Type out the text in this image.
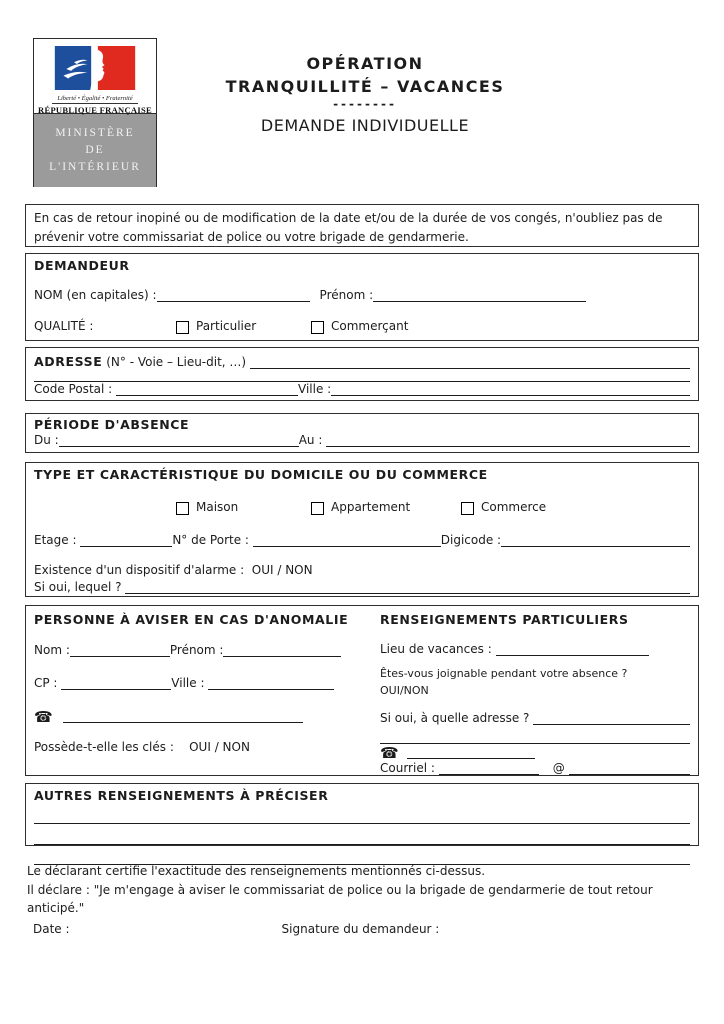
Liberté • Égalité • Fraternité
RÉPUBLIQUE FRANÇAISE
MINISTÈRE
DE
L'INTÉRIEUR
OPÉRATION
TRANQUILLITÉ – VACANCES
--------
DEMANDE INDIVIDUELLE
En cas de retour inopiné ou de modification de la date et/ou de la durée de vos congés, n'oubliez pas de prévenir votre commissariat de police ou votre brigade de gendarmerie.
DEMANDEUR
NOM (en capitales) :	Prénom :
QUALITÉ :	Particulier	Commerçant
ADRESSE (N° - Voie – Lieu-dit, …)
Code Postal :	Ville :
PÉRIODE D'ABSENCE
Du :	Au :
TYPE ET CARACTÉRISTIQUE DU DOMICILE OU DU COMMERCE
Maison	Appartement	Commerce
Etage :	N° de Porte :	Digicode :
Existence d'un dispositif d'alarme :  OUI / NON
Si oui, lequel ?
PERSONNE À AVISER EN CAS D'ANOMALIE
Nom :	Prénom :
CP :	Ville :
☎
Possède-t-elle les clés :    OUI / NON
RENSEIGNEMENTS PARTICULIERS
Lieu de vacances :
Êtes-vous joignable pendant votre absence ?
OUI/NON
Si oui, à quelle adresse ?
☎
Courriel :	@
AUTRES RENSEIGNEMENTS À PRÉCISER
Le déclarant certifie l'exactitude des renseignements mentionnés ci-dessus.
Il déclare : "Je m'engage à aviser le commissariat de police ou la brigade de gendarmerie de tout retour anticipé."
Date :	Signature du demandeur :
